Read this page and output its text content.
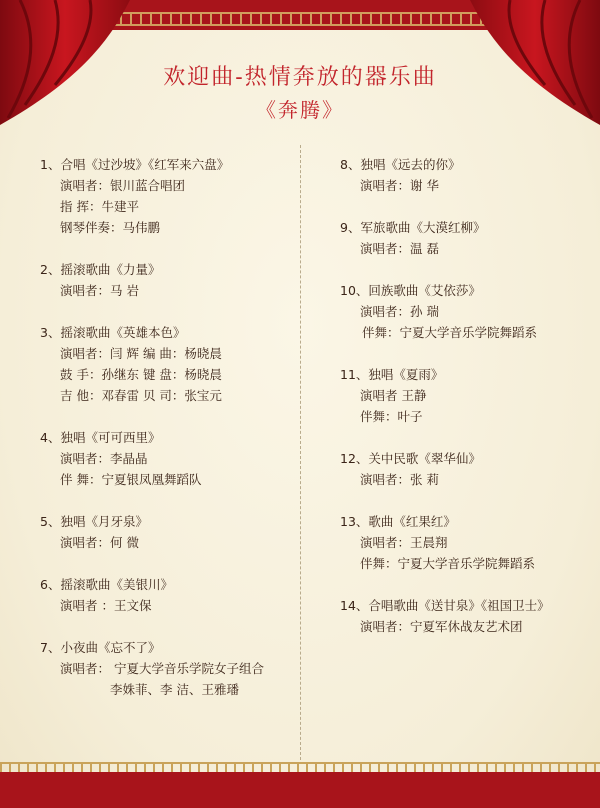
欢迎曲-热情奔放的器乐曲
《奔腾》
1、合唱《过沙坡》《红军来六盘》
演唱者：银川蓝合唱团
指 挥：牛建平
钢琴伴奏：马伟鹏
2、摇滚歌曲《力量》
演唱者：马 岩
3、摇滚歌曲《英雄本色》
演唱者：闫 辉 编 曲：杨晓晨
鼓 手：孙继东 键 盘：杨晓晨
吉 他：邓春雷 贝 司：张宝元
4、独唱《可可西里》
演唱者：李晶晶
伴 舞：宁夏银凤凰舞蹈队
5、独唱《月牙泉》
演唱者：何 微
6、摇滚歌曲《美银川》
演唱者 ：王文保
7、小夜曲《忘不了》
演唱者： 宁夏大学音乐学院女子组合
李姝菲、李 洁、王雅璠
8、独唱《远去的你》
演唱者：谢 华
9、军旅歌曲《大漠红柳》
演唱者：温 磊
10、回族歌曲《艾依莎》
演唱者：孙 瑞
伴舞：宁夏大学音乐学院舞蹈系
11、独唱《夏雨》
演唱者 王静
伴舞：叶子
12、关中民歌《翠华仙》
演唱者：张 莉
13、歌曲《红果红》
演唱者：王晨翔
伴舞：宁夏大学音乐学院舞蹈系
14、合唱歌曲《送甘泉》《祖国卫士》
演唱者：宁夏军休战友艺术团
